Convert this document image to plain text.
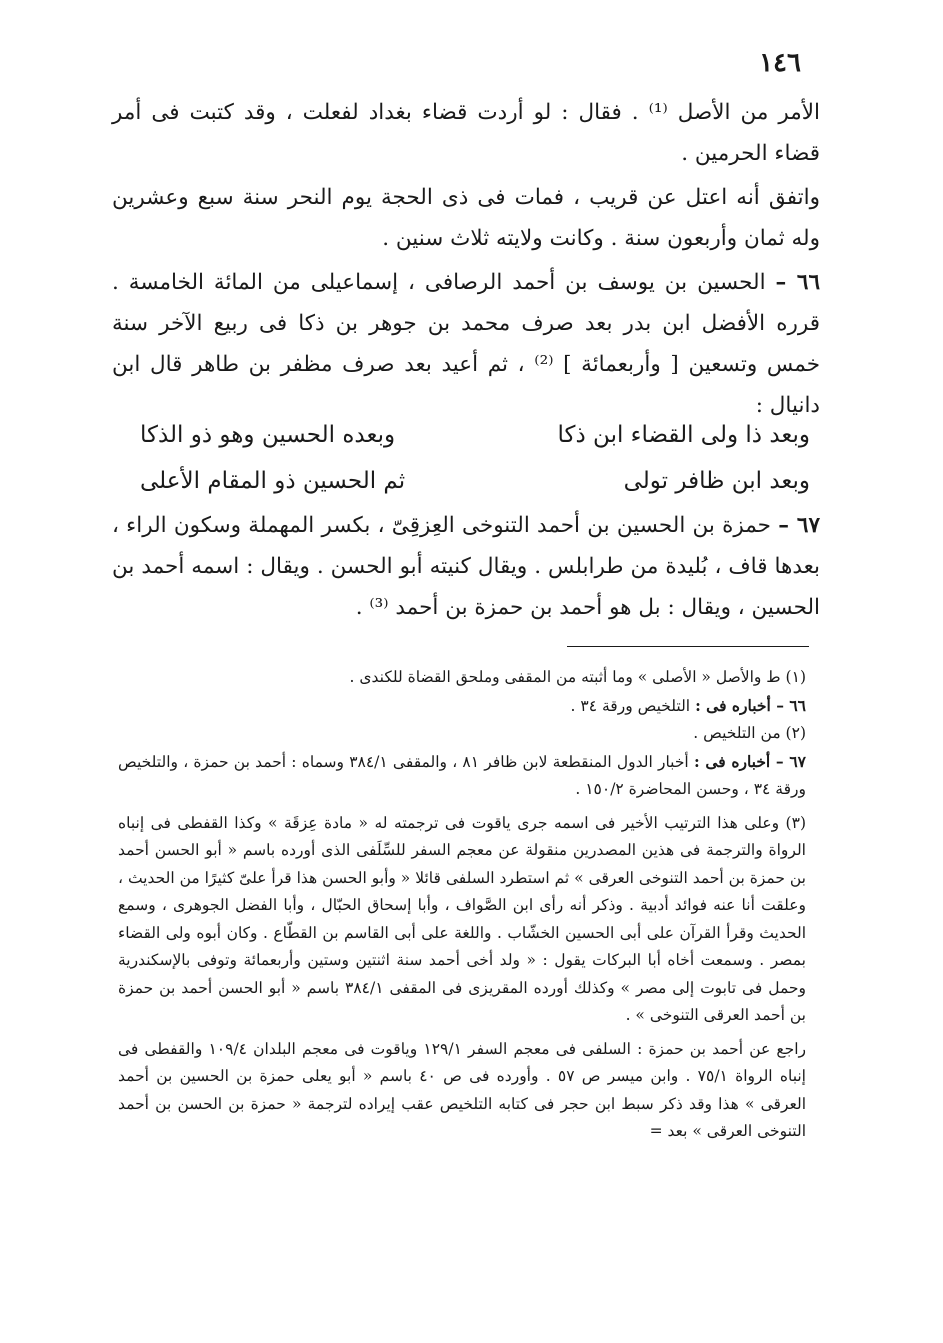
١٤٦

الأمر من الأصل ⁽¹⁾ . فقال : لو أردت قضاء بغداد لفعلت ، وقد كتبت فى أمر قضاء الحرمين .

واتفق أنه اعتل عن قريب ، فمات فى ذى الحجة يوم النحر سنة سبع وعشرين وله ثمان وأربعون سنة . وكانت ولايته ثلاث سنين .

٦٦ – الحسين بن يوسف بن أحمد الرصافى ، إسماعيلى من المائة الخامسة . قرره الأفضل ابن بدر بعد صرف محمد بن جوهر بن ذكا فى ربيع الآخر سنة خمس وتسعين [ وأربعمائة ] ⁽²⁾ ، ثم أعيد بعد صرف مظفر بن طاهر قال ابن دانيال :

وبعد ذا ولى القضاء ابن ذكا
وبعده الحسين وهو ذو الذكا
وبعد ابن ظافر تولى
ثم الحسين ذو المقام الأعلى

٦٧ – حمزة بن الحسين بن أحمد التنوخى العِزقِىّ ، بكسر المهملة وسكون الراء ، بعدها قاف ، بُليدة من طرابلس . ويقال كنيته أبو الحسن . ويقال : اسمه أحمد بن الحسين ، ويقال : بل هو أحمد بن حمزة بن أحمد ⁽³⁾ .

(١) ط والأصل « الأصلى » وما أثبته من المقفى وملحق القضاة للكندى .

٦٦ – أخباره فى : التلخيص ورقة ٣٤ .

(٢) من التلخيص .

٦٧ – أخباره فى : أخبار الدول المنقطعة لابن ظافر ٨١ ، والمقفى ٣٨٤/١ وسماه : أحمد بن حمزة ، والتلخيص ورقة ٣٤ ، وحسن المحاضرة ١٥٠/٢ .

(٣) وعلى هذا الترتيب الأخير فى اسمه جرى ياقوت فى ترجمته له « مادة عِزقَة » وكذا القفطى فى إنباه الرواة والترجمة فى هذين المصدرين منقولة عن معجم السفر للسِّلَفى الذى أورده باسم « أبو الحسن أحمد بن حمزة بن أحمد التنوخى العرقى » ثم استطرد السلفى قائلا « وأبو الحسن هذا قرأ علىّ كثيرًا من الحديث ، وعلقت أنا عنه فوائد أدبية . وذكر أنه رأى ابن الصَّواف ، وأبا إسحاق الحبّال ، وأبا الفضل الجوهرى ، وسمع الحديث وقرأ القرآن على أبى الحسين الخشّاب . واللغة على أبى القاسم بن القطّاع . وكان أبوه ولى القضاء بمصر . وسمعت أخاه أبا البركات يقول : « ولد أخى أحمد سنة اثنتين وستين وأربعمائة وتوفى بالإسكندرية وحمل فى تابوت إلى مصر » وكذلك أورده المقريزى فى المقفى ٣٨٤/١ باسم « أبو الحسن أحمد بن حمزة بن أحمد العرقى التنوخى » .

راجع عن أحمد بن حمزة : السلفى فى معجم السفر ١٢٩/١ وياقوت فى معجم البلدان ١٠٩/٤ والقفطى فى إنباه الرواة ٧٥/١ . وابن ميسر ص ٥٧ . وأورده فى ص ٤٠ باسم « أبو يعلى حمزة بن الحسين بن أحمد العرقى » هذا وقد ذكر سبط ابن حجر فى كتابه التلخيص عقب إيراده لترجمة « حمزة بن الحسن بن أحمد التنوخى العرقى » بعد =
